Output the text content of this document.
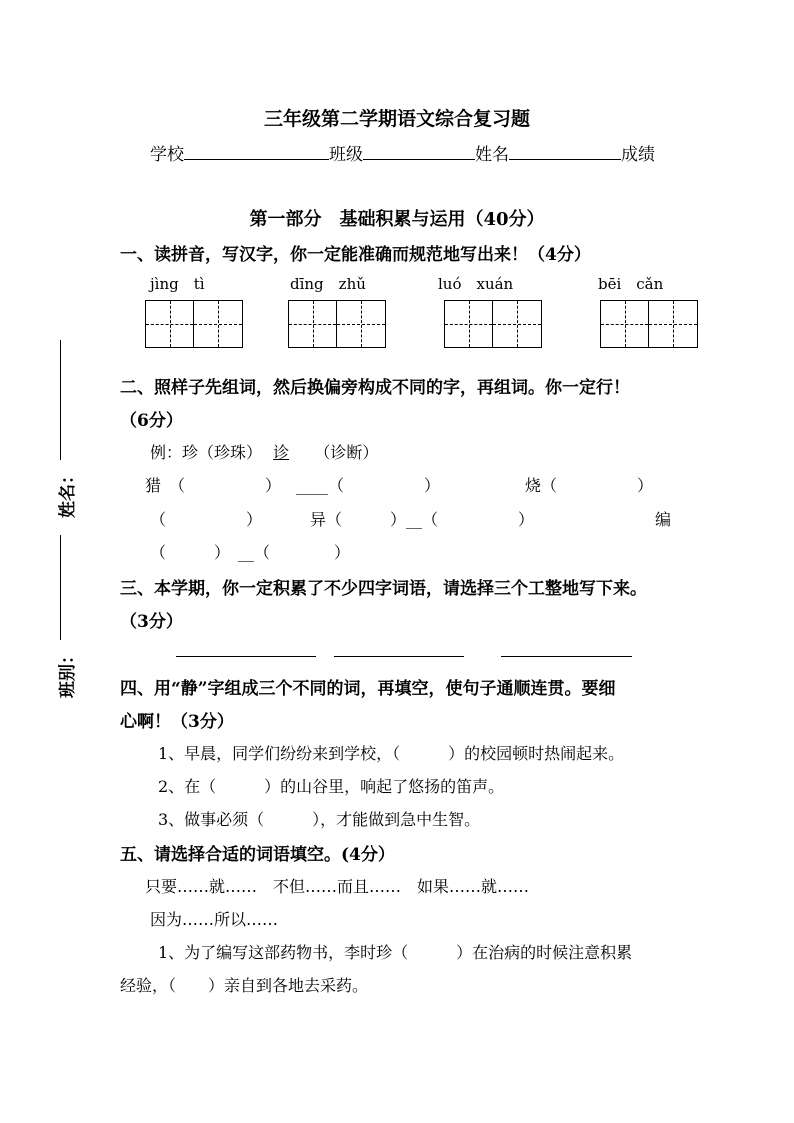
三年级第二学期语文综合复习题
学校	班级	姓名	成绩
姓名：
班别：
第一部分　基础积累与运用（40分）
一、读拼音，写汉字，你一定能准确而规范地写出来！（4分）
jìng　tì	dīng　zhǔ	luó　xuán	bēi　cǎn
二、照样子先组词，然后换偏旁构成不同的字，再组词。你一定行！
（6分）
例：珍（珍珠） 诊 （诊断）
猎　（　　　　　） ____（　　　　　）	烧（　　　　　）
（　　　　　）	异（　　　）__（　　　　　）	编
（　　　）　__（　　　　）
三、本学期，你一定积累了不少四字词语，请选择三个工整地写下来。
（3分）
四、用“静”字组成三个不同的词，再填空，使句子通顺连贯。要细
心啊！（3分）
1、早晨，同学们纷纷来到学校，（　　　）的校园顿时热闹起来。
2、在（　　　）的山谷里，响起了悠扬的笛声。
3、做事必须（　　　），才能做到急中生智。
五、请选择合适的词语填空。(4分）
只要……就……　不但……而且……　如果……就……
因为……所以……
1、为了编写这部药物书，李时珍（　　　）在治病的时候注意积累
经验，（　　）亲自到各地去采药。
